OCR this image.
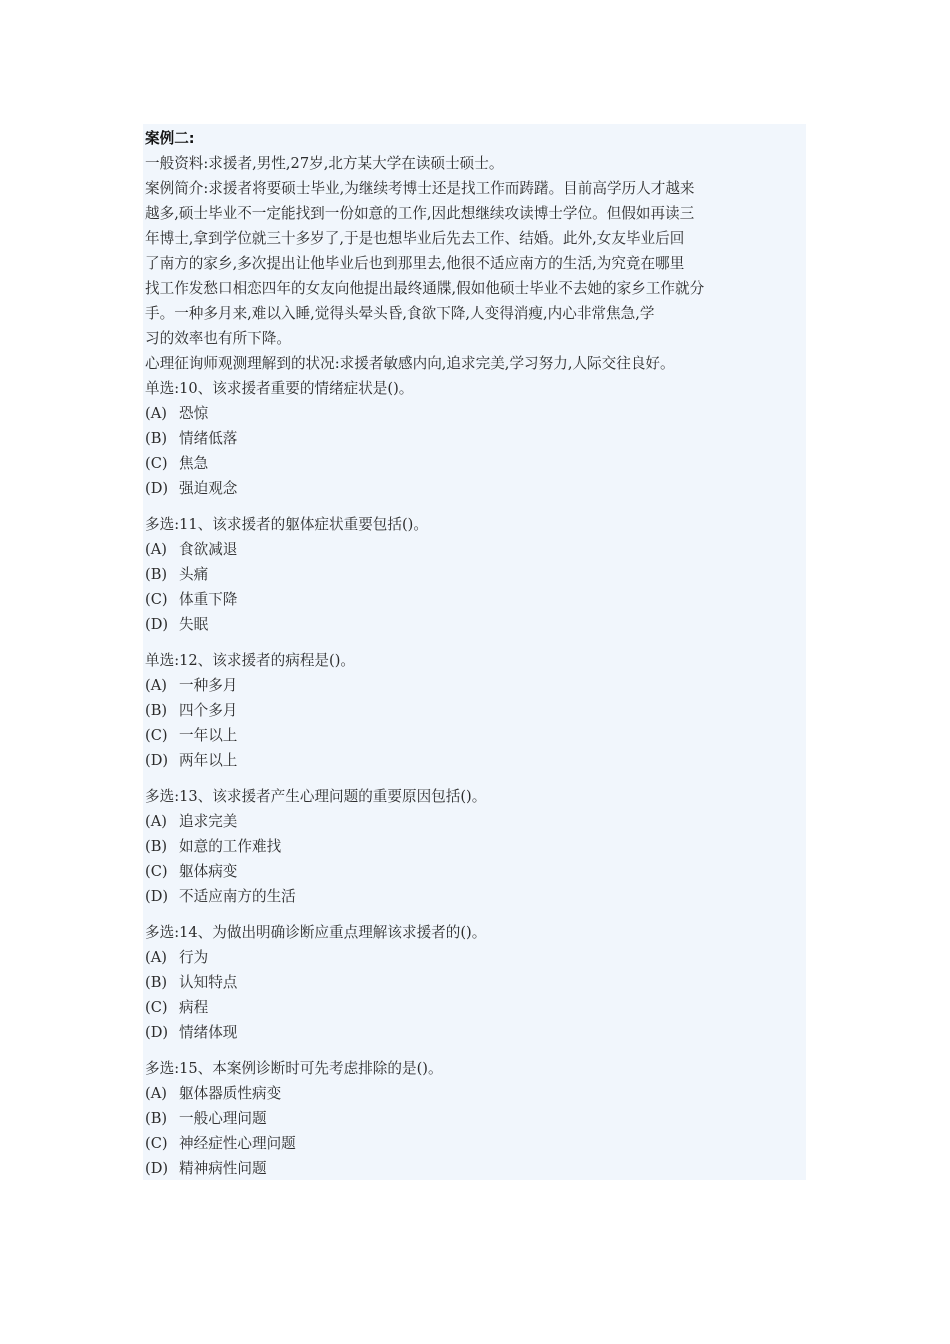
案例二:
一般资料:求援者,男性,27岁,北方某大学在读硕士硕士。
案例简介:求援者将要硕士毕业,为继续考博士还是找工作而踌躇。目前高学历人才越来
越多,硕士毕业不一定能找到一份如意的工作,因此想继续攻读博士学位。但假如再读三
年博士,拿到学位就三十多岁了,于是也想毕业后先去工作、结婚。此外,女友毕业后回
了南方的家乡,多次提出让他毕业后也到那里去,他很不适应南方的生活,为究竟在哪里
找工作发愁口相恋四年的女友向他提出最终通牒,假如他硕士毕业不去她的家乡工作就分
手。一种多月来,难以入睡,觉得头晕头昏,食欲下降,人变得消瘦,内心非常焦急,学
习的效率也有所下降。
心理征询师观测理解到的状况:求援者敏感内向,追求完美,学习努力,人际交往良好。
单选:10、该求援者重要的情绪症状是()。
(A) 恐惊
(B) 情绪低落
(C) 焦急
(D) 强迫观念
多选:11、该求援者的躯体症状重要包括()。
(A) 食欲减退
(B) 头痛
(C) 体重下降
(D) 失眠
单选:12、该求援者的病程是()。
(A) 一种多月
(B) 四个多月
(C) 一年以上
(D) 两年以上
多选:13、该求援者产生心理问题的重要原因包括()。
(A) 追求完美
(B) 如意的工作难找
(C) 躯体病变
(D) 不适应南方的生活
多选:14、为做出明确诊断应重点理解该求援者的()。
(A) 行为
(B) 认知特点
(C) 病程
(D) 情绪体现
多选:15、本案例诊断时可先考虑排除的是()。
(A) 躯体器质性病变
(B) 一般心理问题
(C) 神经症性心理问题
(D) 精神病性问题
